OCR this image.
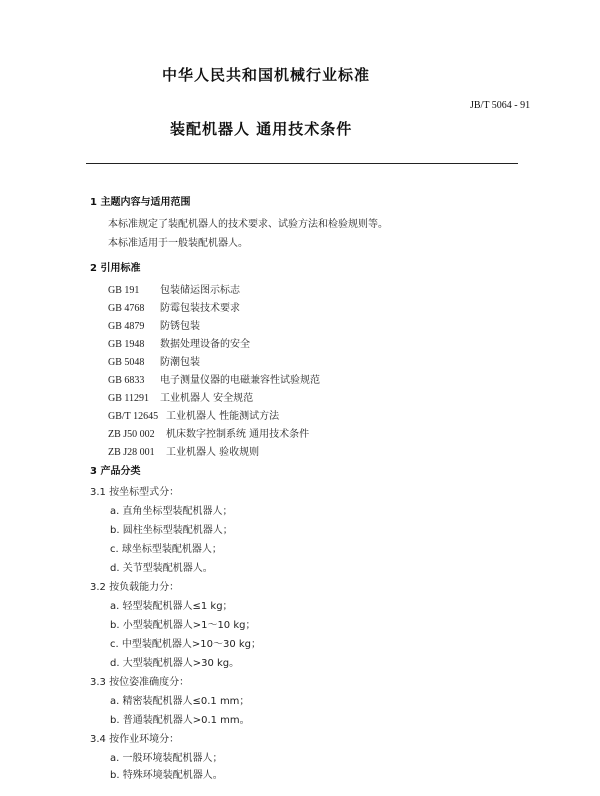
中华人民共和国机械行业标准
JB/T 5064 - 91
装配机器人 通用技术条件
1 主题内容与适用范围
本标准规定了装配机器人的技术要求、试验方法和检验规则等。
本标准适用于一般装配机器人。
2 引用标准
GB 191 包装储运图示标志
GB 4768 防霉包装技术要求
GB 4879 防锈包装
GB 1948 数据处理设备的安全
GB 5048 防潮包装
GB 6833 电子测量仪器的电磁兼容性试验规范
GB 11291 工业机器人 安全规范
GB/T 12645 工业机器人 性能测试方法
ZB J50 002 机床数字控制系统 通用技术条件
ZB J28 001 工业机器人 验收规则
3 产品分类
3.1 按坐标型式分：
a. 直角坐标型装配机器人；
b. 圆柱坐标型装配机器人；
c. 球坐标型装配机器人；
d. 关节型装配机器人。
3.2 按负载能力分：
a. 轻型装配机器人≤1 kg；
b. 小型装配机器人>1～10 kg；
c. 中型装配机器人>10～30 kg；
d. 大型装配机器人>30 kg。
3.3 按位姿准确度分：
a. 精密装配机器人≤0.1 mm；
b. 普通装配机器人>0.1 mm。
3.4 按作业环境分：
a. 一般环境装配机器人；
b. 特殊环境装配机器人。
